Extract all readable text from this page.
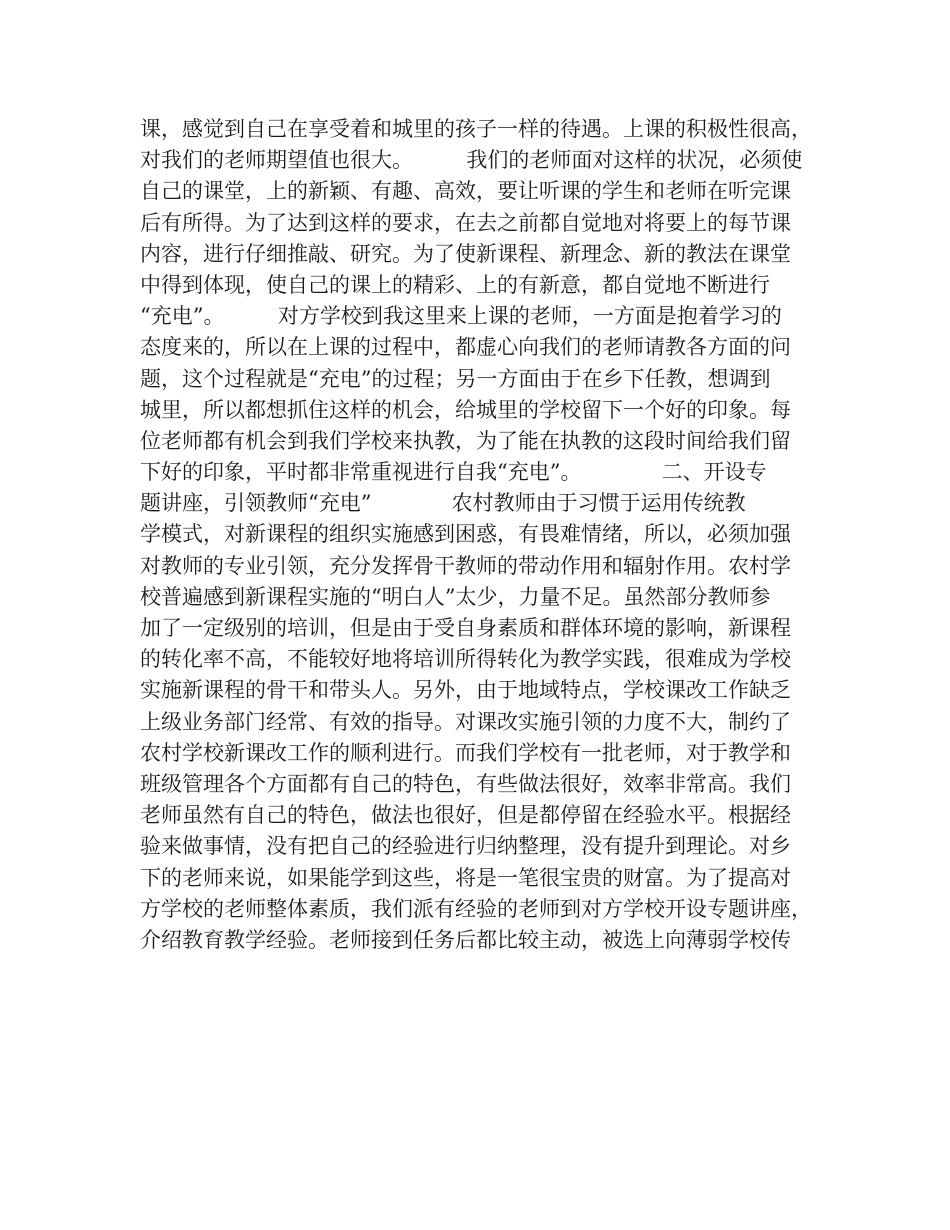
课，感觉到自己在享受着和城里的孩子一样的待遇。上课的积极性很高，
对我们的老师期望值也很大。        我们的老师面对这样的状况，必须使
自己的课堂，上的新颖、有趣、高效，要让听课的学生和老师在听完课
后有所得。为了达到这样的要求，在去之前都自觉地对将要上的每节课
内容，进行仔细推敲、研究。为了使新课程、新理念、新的教法在课堂
中得到体现，使自己的课上的精彩、上的有新意，都自觉地不断进行
“充电”。        对方学校到我这里来上课的老师，一方面是抱着学习的
态度来的，所以在上课的过程中，都虚心向我们的老师请教各方面的问
题，这个过程就是“充电”的过程；另一方面由于在乡下任教，想调到
城里，所以都想抓住这样的机会，给城里的学校留下一个好的印象。每
位老师都有机会到我们学校来执教，为了能在执教的这段时间给我们留
下好的印象，平时都非常重视进行自我“充电”。            二、开设专
题讲座，引领教师“充电”            农村教师由于习惯于运用传统教
学模式，对新课程的组织实施感到困惑，有畏难情绪，所以，必须加强
对教师的专业引领，充分发挥骨干教师的带动作用和辐射作用。农村学
校普遍感到新课程实施的“明白人”太少，力量不足。虽然部分教师参
加了一定级别的培训，但是由于受自身素质和群体环境的影响，新课程
的转化率不高，不能较好地将培训所得转化为教学实践，很难成为学校
实施新课程的骨干和带头人。另外，由于地域特点，学校课改工作缺乏
上级业务部门经常、有效的指导。对课改实施引领的力度不大，制约了
农村学校新课改工作的顺利进行。而我们学校有一批老师，对于教学和
班级管理各个方面都有自己的特色，有些做法很好，效率非常高。我们
老师虽然有自己的特色，做法也很好，但是都停留在经验水平。根据经
验来做事情，没有把自己的经验进行归纳整理，没有提升到理论。对乡
下的老师来说，如果能学到这些，将是一笔很宝贵的财富。为了提高对
方学校的老师整体素质，我们派有经验的老师到对方学校开设专题讲座，
介绍教育教学经验。老师接到任务后都比较主动，被选上向薄弱学校传
